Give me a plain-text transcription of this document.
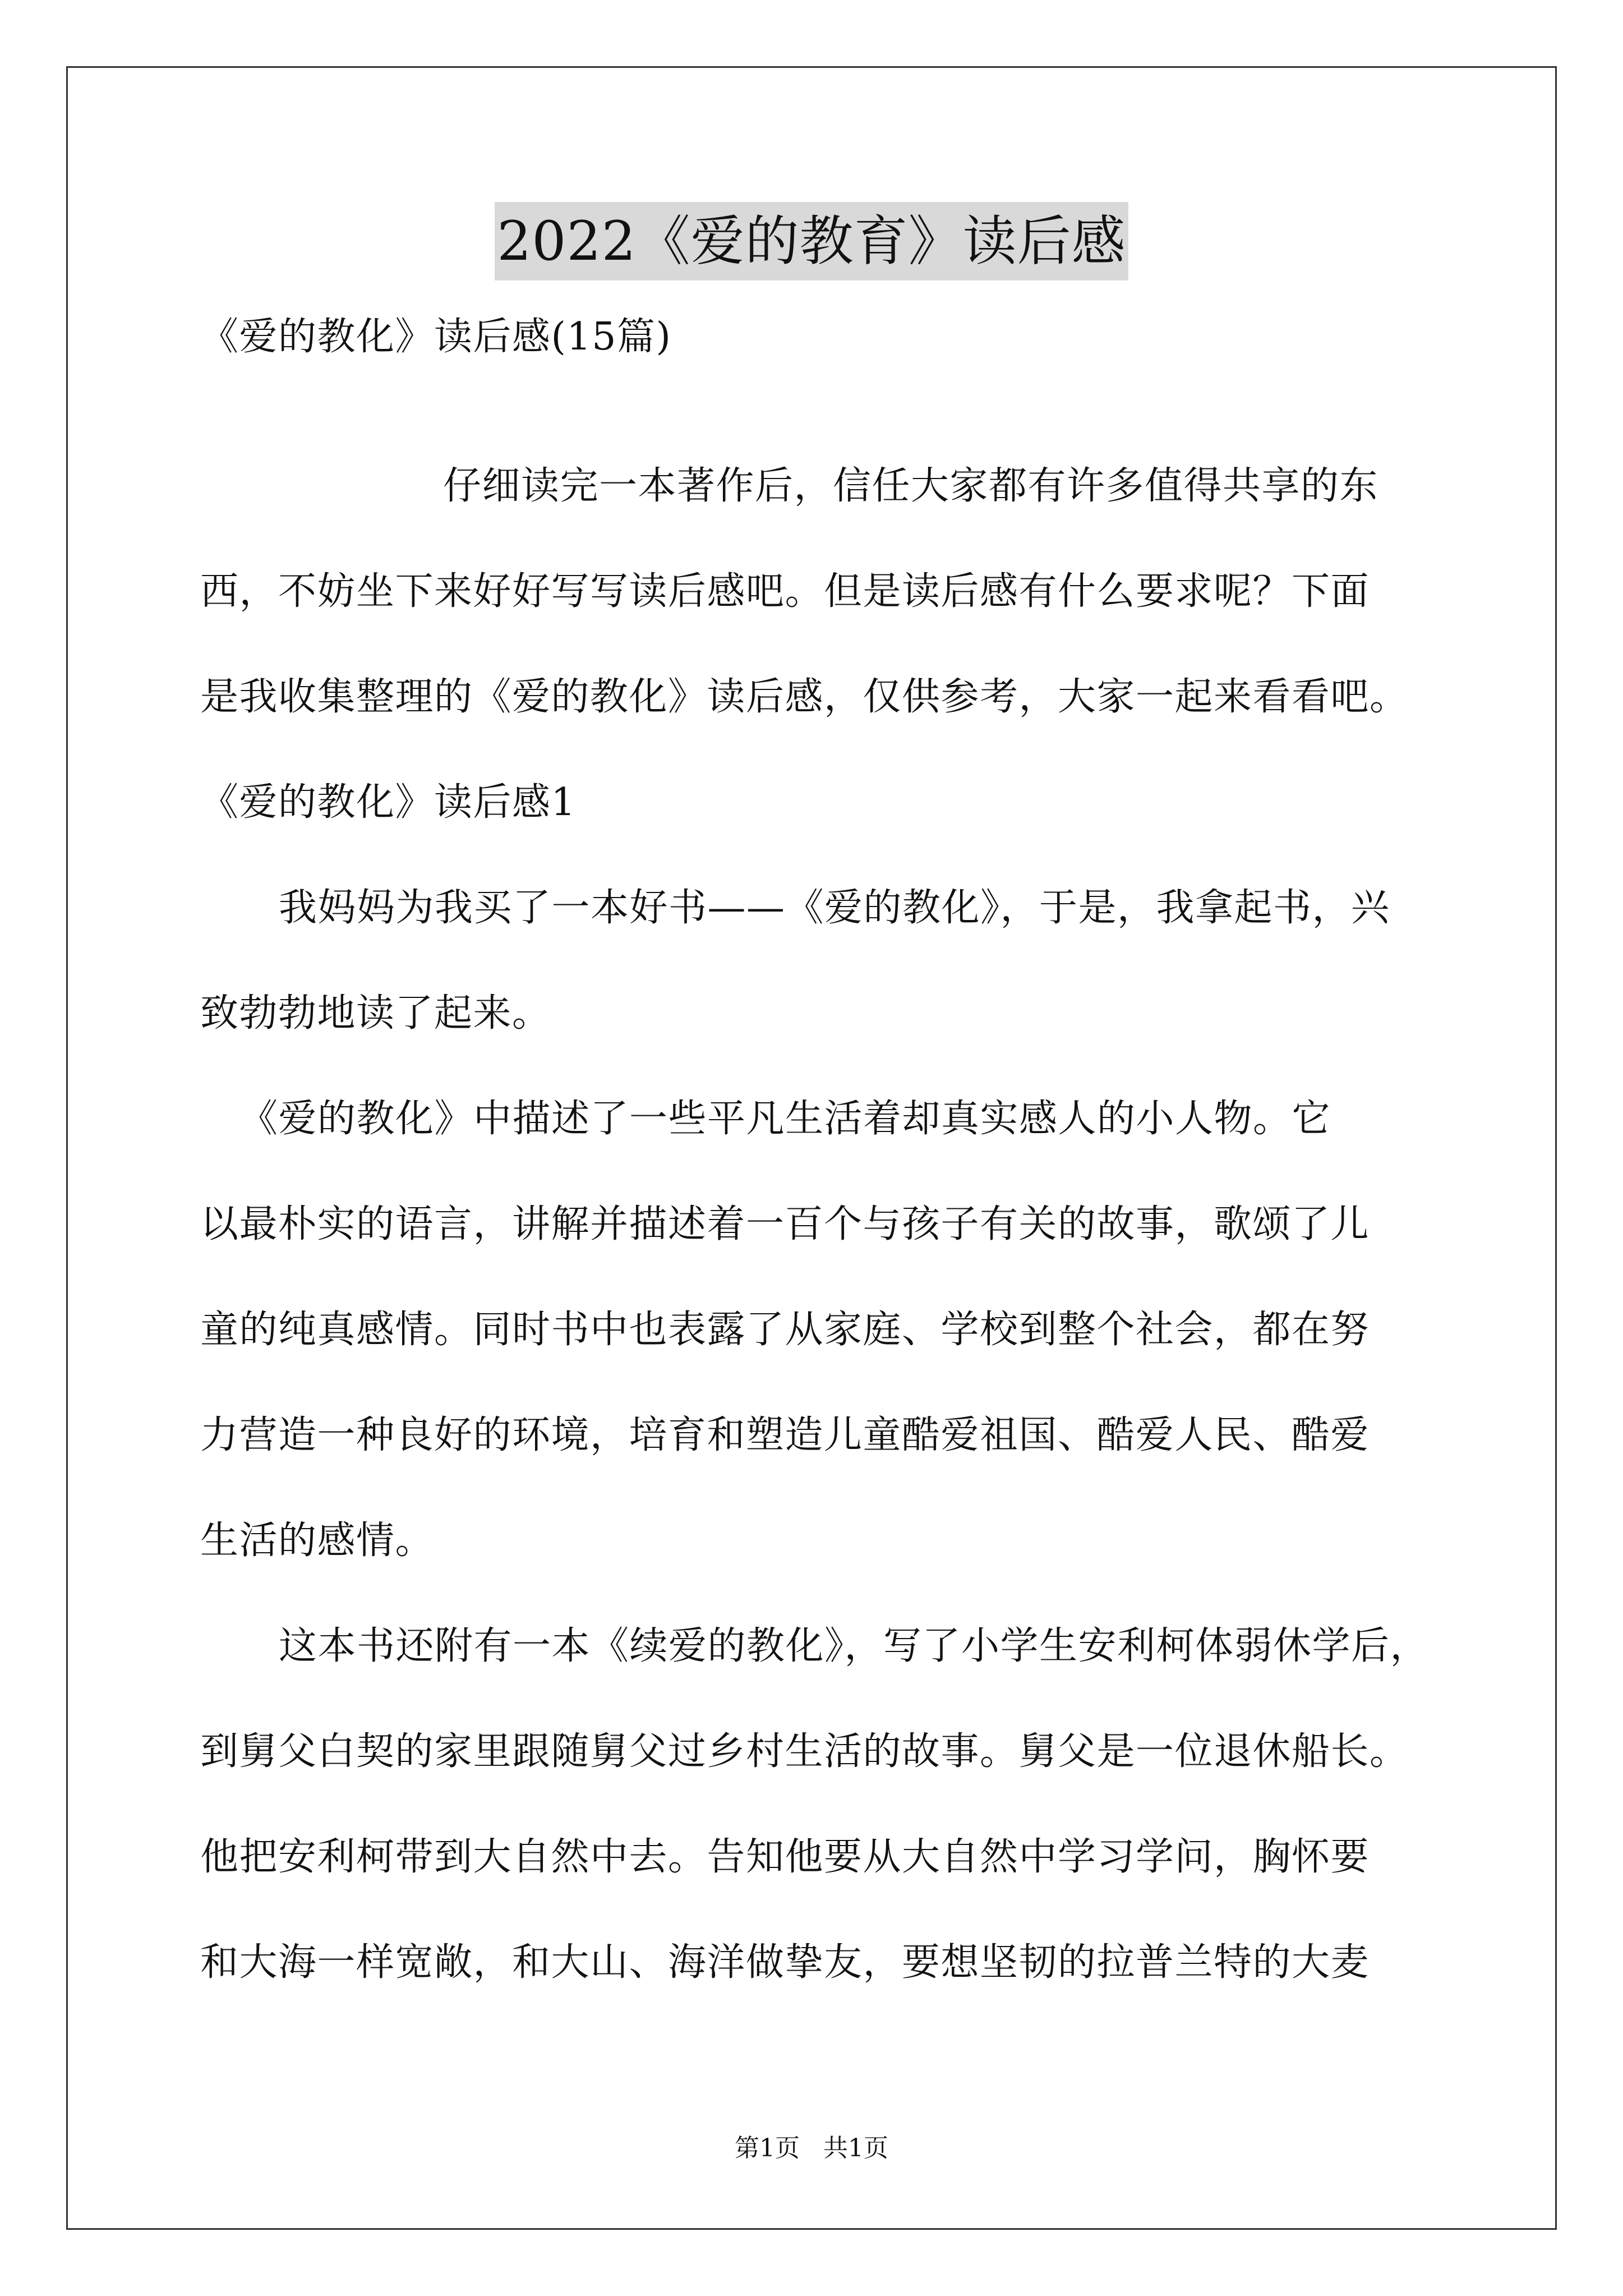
2022《爱的教育》读后感
《爱的教化》读后感(15篇)
仔细读完一本著作后，信任大家都有许多值得共享的东
西，不妨坐下来好好写写读后感吧。但是读后感有什么要求呢？下面
是我收集整理的《爱的教化》读后感，仅供参考，大家一起来看看吧。
《爱的教化》读后感1
我妈妈为我买了一本好书——《爱的教化》，于是，我拿起书，兴
致勃勃地读了起来。
《爱的教化》中描述了一些平凡生活着却真实感人的小人物。它
以最朴实的语言，讲解并描述着一百个与孩子有关的故事，歌颂了儿
童的纯真感情。同时书中也表露了从家庭、学校到整个社会，都在努
力营造一种良好的环境，培育和塑造儿童酷爱祖国、酷爱人民、酷爱
生活的感情。
这本书还附有一本《续爱的教化》，写了小学生安利柯体弱休学后，
到舅父白契的家里跟随舅父过乡村生活的故事。舅父是一位退休船长。
他把安利柯带到大自然中去。告知他要从大自然中学习学问，胸怀要
和大海一样宽敞，和大山、海洋做挚友，要想坚韧的拉普兰特的大麦
第1页 共1页
